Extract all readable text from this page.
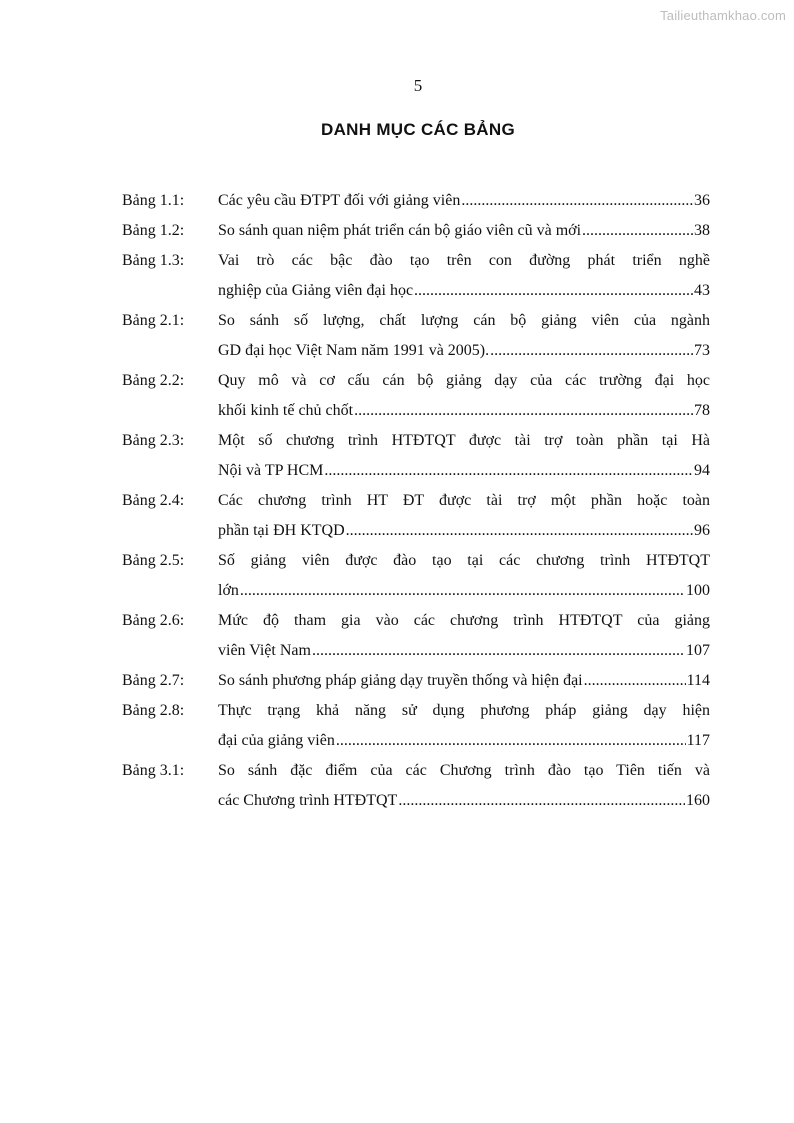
Tailieuthamkhao.com
5
DANH MỤC CÁC BẢNG
Bảng 1.1:	Các yêu cầu ĐTPT đối với giảng viên .....	36
Bảng 1.2:	So sánh quan niệm phát triển cán bộ giáo viên cũ và mới .....	38
Bảng 1.3:	Vai trò các bậc đào tạo trên con đường phát triển nghề
nghiệp của Giảng viên đại học .....	43
Bảng 2.1:	So sánh số lượng, chất lượng cán bộ giảng viên của ngành
GD đại học Việt Nam năm 1991 và 2005). .....	73
Bảng 2.2:	Quy mô và cơ cấu cán bộ giảng dạy của các trường đại học
khối kinh tế chủ chốt .....	78
Bảng 2.3:	Một số chương trình HTĐTQT được tài trợ toàn phần tại Hà
Nội và TP HCM .....	94
Bảng 2.4:	Các chương trình HT ĐT được tài trợ một phần hoặc toàn
phần tại ĐH KTQD .....	96
Bảng 2.5:	Số giảng viên được đào tạo tại các chương trình HTĐTQT
lớn .....	100
Bảng 2.6:	Mức độ tham gia vào các chương trình HTĐTQT của giảng
viên Việt Nam .....	107
Bảng 2.7:	So sánh phương pháp giảng dạy truyền thống và hiện đại .....	114
Bảng 2.8:	Thực trạng khả năng sử dụng phương pháp giảng dạy hiện
đại của giảng viên .....	117
Bảng 3.1:	So sánh đặc điểm của các Chương trình đào tạo Tiên tiến và
các Chương trình HTĐTQT .....	160
